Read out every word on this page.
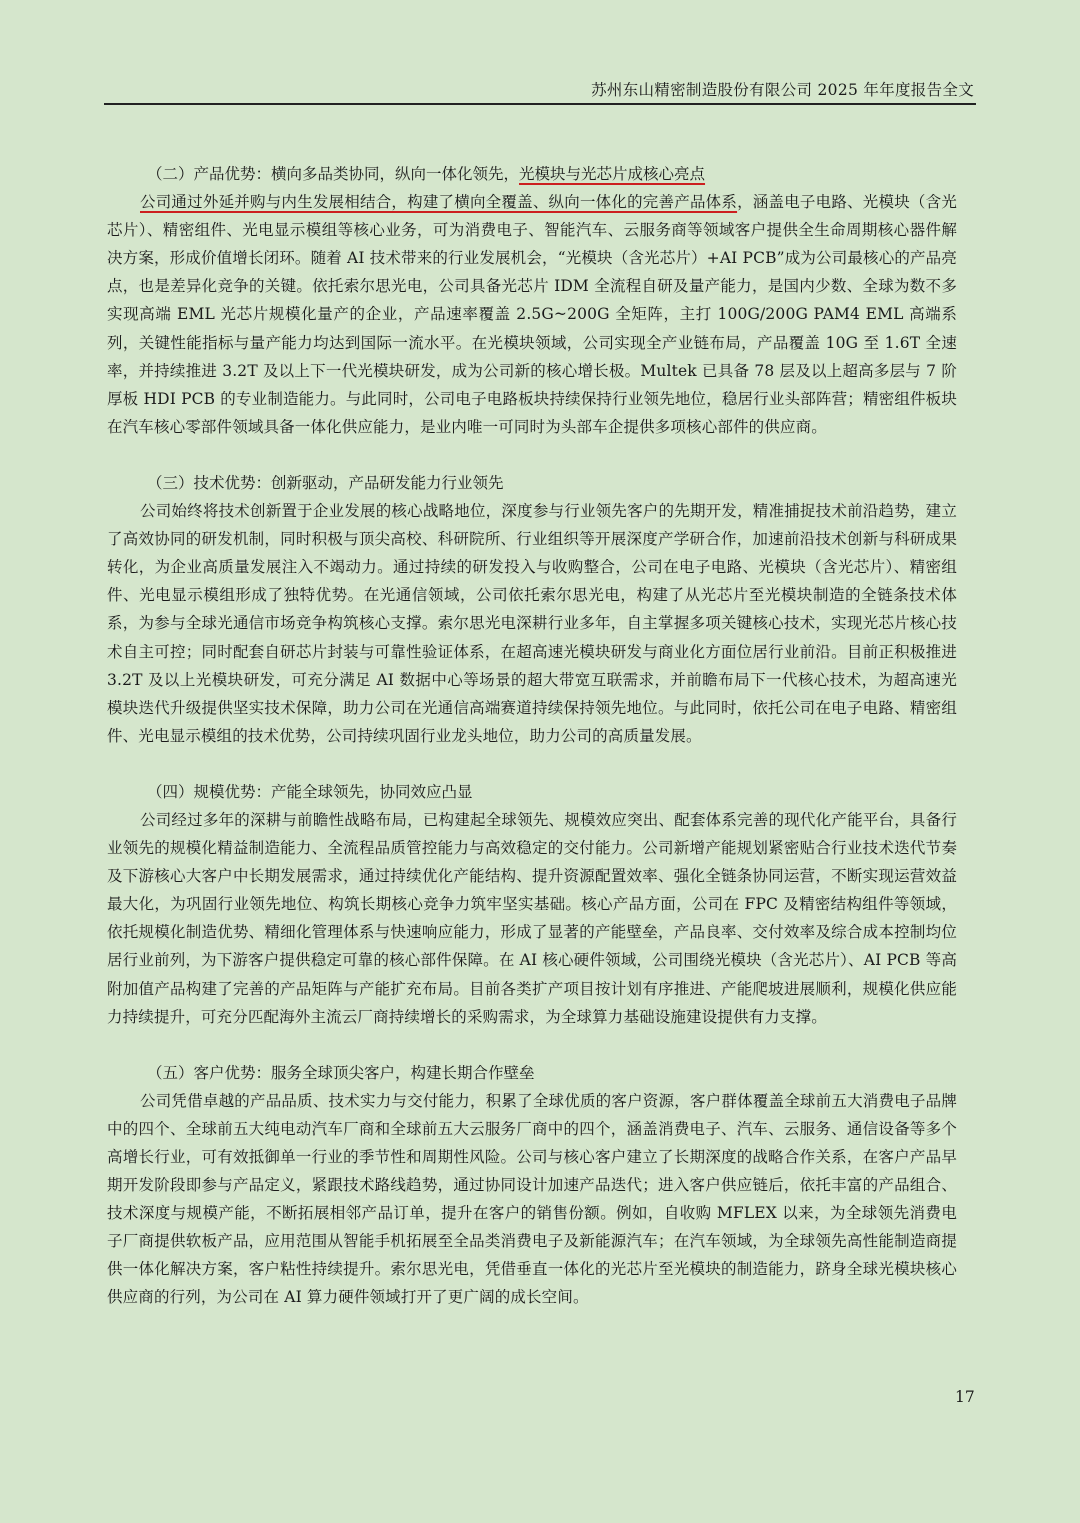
苏州东山精密制造股份有限公司 2025 年年度报告全文

（二）产品优势：横向多品类协同，纵向一体化领先，光模块与光芯片成核心亮点

公司通过外延并购与内生发展相结合，构建了横向全覆盖、纵向一体化的完善产品体系，涵盖电子电路、光模块（含光芯片）、精密组件、光电显示模组等核心业务，可为消费电子、智能汽车、云服务商等领域客户提供全生命周期核心器件解决方案，形成价值增长闭环。随着 AI 技术带来的行业发展机会，“光模块（含光芯片）+AI PCB”成为公司最核心的产品亮点，也是差异化竞争的关键。依托索尔思光电，公司具备光芯片 IDM 全流程自研及量产能力，是国内少数、全球为数不多实现高端 EML 光芯片规模化量产的企业，产品速率覆盖 2.5G~200G 全矩阵，主打 100G/200G PAM4 EML 高端系列，关键性能指标与量产能力均达到国际一流水平。在光模块领域，公司实现全产业链布局，产品覆盖 10G 至 1.6T 全速率，并持续推进 3.2T 及以上下一代光模块研发，成为公司新的核心增长极。Multek 已具备 78 层及以上超高多层与 7 阶厚板 HDI PCB 的专业制造能力。与此同时，公司电子电路板块持续保持行业领先地位，稳居行业头部阵营；精密组件板块在汽车核心零部件领域具备一体化供应能力，是业内唯一可同时为头部车企提供多项核心部件的供应商。

（三）技术优势：创新驱动，产品研发能力行业领先

公司始终将技术创新置于企业发展的核心战略地位，深度参与行业领先客户的先期开发，精准捕捉技术前沿趋势，建立了高效协同的研发机制，同时积极与顶尖高校、科研院所、行业组织等开展深度产学研合作，加速前沿技术创新与科研成果转化，为企业高质量发展注入不竭动力。通过持续的研发投入与收购整合，公司在电子电路、光模块（含光芯片）、精密组件、光电显示模组形成了独特优势。在光通信领域，公司依托索尔思光电，构建了从光芯片至光模块制造的全链条技术体系，为参与全球光通信市场竞争构筑核心支撑。索尔思光电深耕行业多年，自主掌握多项关键核心技术，实现光芯片核心技术自主可控；同时配套自研芯片封装与可靠性验证体系，在超高速光模块研发与商业化方面位居行业前沿。目前正积极推进 3.2T 及以上光模块研发，可充分满足 AI 数据中心等场景的超大带宽互联需求，并前瞻布局下一代核心技术，为超高速光模块迭代升级提供坚实技术保障，助力公司在光通信高端赛道持续保持领先地位。与此同时，依托公司在电子电路、精密组件、光电显示模组的技术优势，公司持续巩固行业龙头地位，助力公司的高质量发展。

（四）规模优势：产能全球领先，协同效应凸显

公司经过多年的深耕与前瞻性战略布局，已构建起全球领先、规模效应突出、配套体系完善的现代化产能平台，具备行业领先的规模化精益制造能力、全流程品质管控能力与高效稳定的交付能力。公司新增产能规划紧密贴合行业技术迭代节奏及下游核心大客户中长期发展需求，通过持续优化产能结构、提升资源配置效率、强化全链条协同运营，不断实现运营效益最大化，为巩固行业领先地位、构筑长期核心竞争力筑牢坚实基础。核心产品方面，公司在 FPC 及精密结构组件等领域，依托规模化制造优势、精细化管理体系与快速响应能力，形成了显著的产能壁垒，产品良率、交付效率及综合成本控制均位居行业前列，为下游客户提供稳定可靠的核心部件保障。在 AI 核心硬件领域，公司围绕光模块（含光芯片）、AI PCB 等高附加值产品构建了完善的产品矩阵与产能扩充布局。目前各类扩产项目按计划有序推进、产能爬坡进展顺利，规模化供应能力持续提升，可充分匹配海外主流云厂商持续增长的采购需求，为全球算力基础设施建设提供有力支撑。

（五）客户优势：服务全球顶尖客户，构建长期合作壁垒

公司凭借卓越的产品品质、技术实力与交付能力，积累了全球优质的客户资源，客户群体覆盖全球前五大消费电子品牌中的四个、全球前五大纯电动汽车厂商和全球前五大云服务厂商中的四个，涵盖消费电子、汽车、云服务、通信设备等多个高增长行业，可有效抵御单一行业的季节性和周期性风险。公司与核心客户建立了长期深度的战略合作关系，在客户产品早期开发阶段即参与产品定义，紧跟技术路线趋势，通过协同设计加速产品迭代；进入客户供应链后，依托丰富的产品组合、技术深度与规模产能，不断拓展相邻产品订单，提升在客户的销售份额。例如，自收购 MFLEX 以来，为全球领先消费电子厂商提供软板产品，应用范围从智能手机拓展至全品类消费电子及新能源汽车；在汽车领域，为全球领先高性能制造商提供一体化解决方案，客户粘性持续提升。索尔思光电，凭借垂直一体化的光芯片至光模块的制造能力，跻身全球光模块核心供应商的行列，为公司在 AI 算力硬件领域打开了更广阔的成长空间。

17
